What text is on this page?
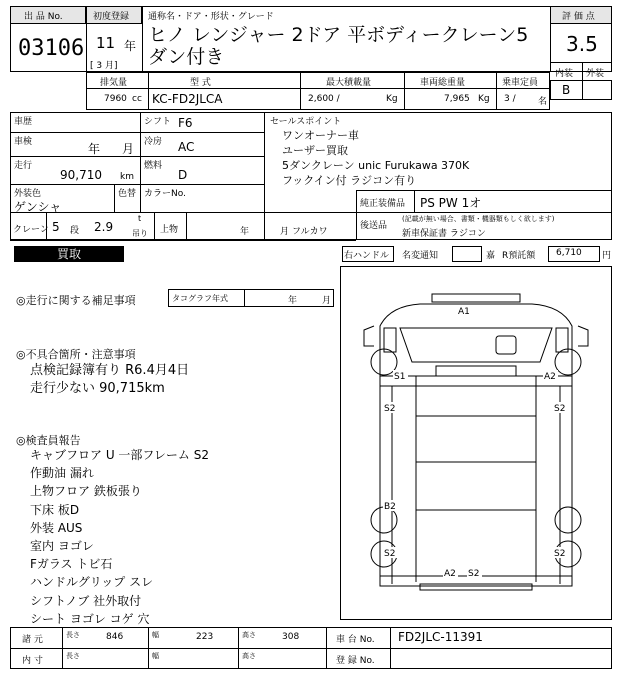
出 品 No.
03106
初度登録
11 年
[ 3 月]
通称名・ドア・形状・グレード
ヒノ レンジャー 2ドア 平ボディークレーン5ダン付き
評 価 点
3.5
内装 外装
B
排気量	型 式	最大積載量	車両総重量	乗車定員
7960 cc KC-FD2JLCA	2,600 /	Kg	7,965 Kg 3 / 名
車歴	シフト F6
車検	年 月 冷房 AC
走行
90,710 km
燃料
D
外装色	色替 カラーNo.
ゲンシャ
セールスポイント
ワンオーナー車
ユーザー買取
5ダンクレーン unic Furukawa 370K
フックイン付 ラジコン有り
純正装備品 PS PW 1オ
後送品
(記載が無い場合、書類・機器類もしく欲します)
新車保証書 ラジコン
クレーン 5 段 2.9
t
吊り 上物	年	月 フルカワ
買取	右ハンドル 名変通知	嘉 R預託額 6,710 円
◎走行に関する補足事項	タコグラフ年式	年	月
◎不具合箇所・注意事項
点検記録簿有り R6.4月4日
走行少ない 90,715km
◎検査員報告
キャブフロア U 一部フレーム S2
作動油 漏れ
上物フロア 鉄板張り
下床 板D
外装 AUS
室内 ヨゴレ
Fガラス トビ石
ハンドルグリップ スレ
シフトノブ 社外取付
シート ヨゴレ コゲ 穴
A1
S1	A2
S2	S2
B2
S2	S2
A2 S2
諸 元	長さ	846	幅	223	高さ	308	車 台 No. FD2JLC-11391
内 寸	長さ	幅	高さ	登 録 No.
